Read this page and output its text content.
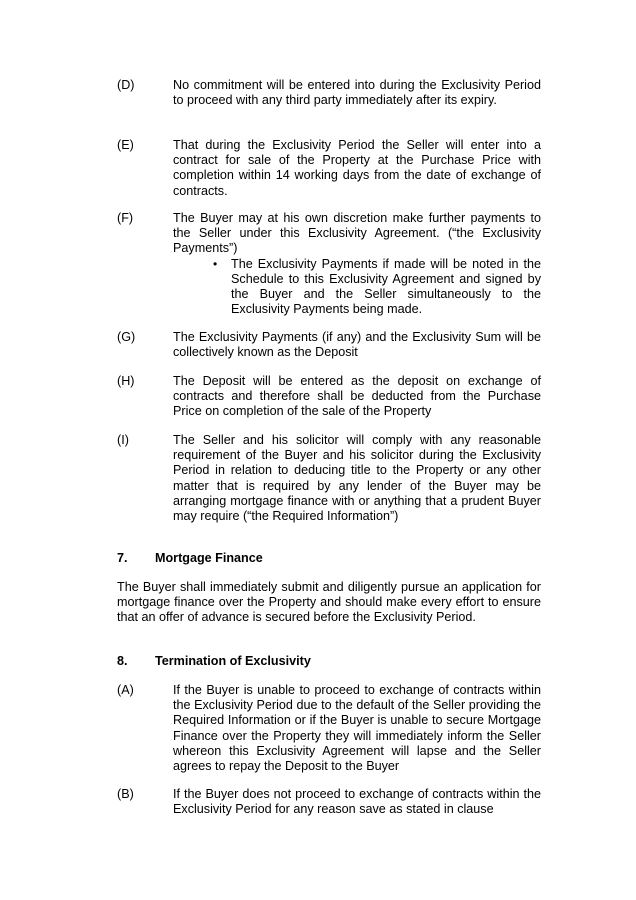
(D)	No commitment will be entered into during the Exclusivity Period to proceed with any third party immediately after its expiry.
(E)	That during the Exclusivity Period the Seller will enter into a contract for sale of the Property at the Purchase Price with completion within 14 working days from the date of exchange of contracts.
(F)	The Buyer may at his own discretion make further payments to the Seller under this Exclusivity Agreement. (“the Exclusivity Payments”)
• The Exclusivity Payments if made will be noted in the Schedule to this Exclusivity Agreement and signed by the Buyer and the Seller simultaneously to the Exclusivity Payments being made.
(G)	The Exclusivity Payments (if any) and the Exclusivity Sum will be collectively known as the Deposit
(H)	The Deposit will be entered as the deposit on exchange of contracts and therefore shall be deducted from the Purchase Price on completion of the sale of the Property
(I)	The Seller and his solicitor will comply with any reasonable requirement of the Buyer and his solicitor during the Exclusivity Period in relation to deducing title to the Property or any other matter that is required by any lender of the Buyer may be arranging mortgage finance with or anything that a prudent Buyer may require (“the Required Information”)
7. Mortgage Finance
The Buyer shall immediately submit and diligently pursue an application for mortgage finance over the Property and should make every effort to ensure that an offer of advance is secured before the Exclusivity Period.
8. Termination of Exclusivity
(A)	If the Buyer is unable to proceed to exchange of contracts within the Exclusivity Period due to the default of the Seller providing the Required Information or if the Buyer is unable to secure Mortgage Finance over the Property they will immediately inform the Seller whereon this Exclusivity Agreement will lapse and the Seller agrees to repay the Deposit to the Buyer
(B)	If the Buyer does not proceed to exchange of contracts within the Exclusivity Period for any reason save as stated in clause
